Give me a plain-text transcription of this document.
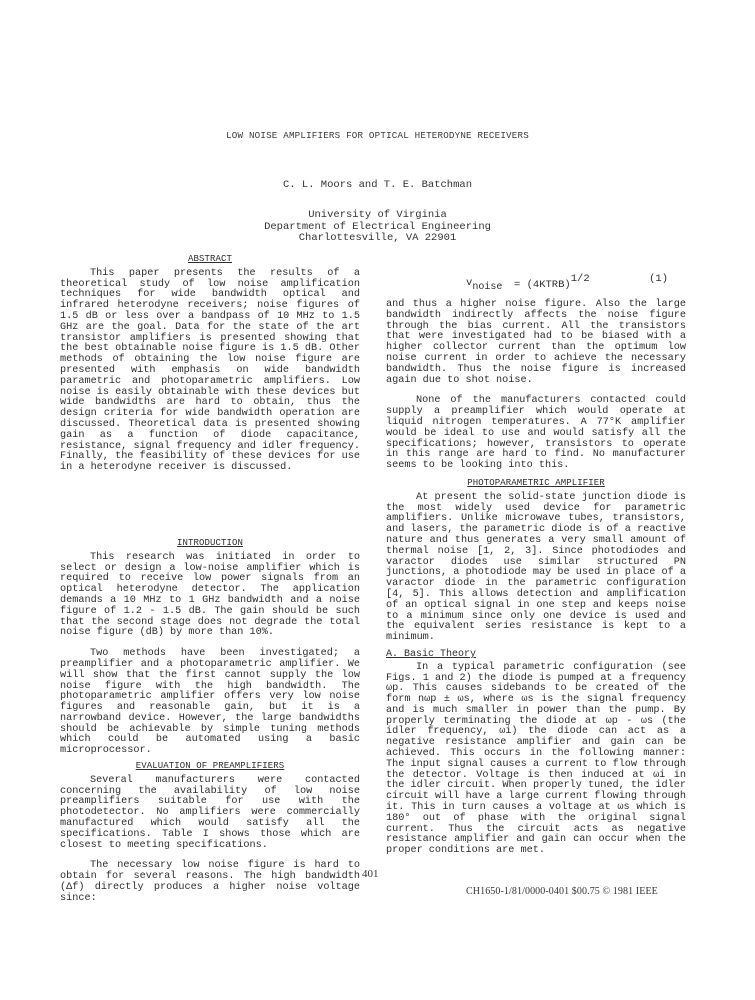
LOW NOISE AMPLIFIERS FOR OPTICAL HETERODYNE RECEIVERS
C. L. Moors and T. E. Batchman
University of Virginia
Department of Electrical Engineering
Charlottesville, VA 22901
ABSTRACT

This paper presents the results of a theoretical study of low noise amplification techniques for wide bandwidth optical and infrared heterodyne receivers; noise figures of 1.5 dB or less over a bandpass of 10 MHz to 1.5 GHz are the goal. Data for the state of the art transistor amplifiers is presented showing that the best obtainable noise figure is 1.5 dB. Other methods of obtaining the low noise figure are presented with emphasis on wide bandwidth parametric and photoparametric amplifiers. Low noise is easily obtainable with these devices but wide bandwidths are hard to obtain, thus the design criteria for wide bandwidth operation are discussed. Theoretical data is presented showing gain as a function of diode capacitance, resistance, signal frequency and idler frequency. Finally, the feasibility of these devices for use in a heterodyne receiver is discussed.

INTRODUCTION

This research was initiated in order to select or design a low-noise amplifier which is required to receive low power signals from an optical heterodyne detector. The application demands a 10 MHz to 1 GHz bandwidth and a noise figure of 1.2 - 1.5 dB. The gain should be such that the second stage does not degrade the total noise figure (dB) by more than 10%.

Two methods have been investigated; a preamplifier and a photoparametric amplifier. We will show that the first cannot supply the low noise figure with the high bandwidth. The photoparametric amplifier offers very low noise figures and reasonable gain, but it is a narrowband device. However, the large bandwidths should be achievable by simple tuning methods which could be automated using a basic microprocessor.

EVALUATION OF PREAMPLIFIERS

Several manufacturers were contacted concerning the availability of low noise preamplifiers suitable for use with the photodetector. No amplifiers were commercially manufactured which would satisfy all the specifications. Table I shows those which are closest to meeting specifications.

The necessary low noise figure is hard to obtain for several reasons. The high bandwidth (Δf) directly produces a higher noise voltage since:

$v_{noise}$ = (4KTRB)$^{1/2}$	(1)

and thus a higher noise figure. Also the large bandwidth indirectly affects the noise figure through the bias current. All the transistors that were investigated had to be biased with a higher collector current than the optimum low noise current in order to achieve the necessary bandwidth. Thus the noise figure is increased again due to shot noise.

None of the manufacturers contacted could supply a preamplifier which would operate at liquid nitrogen temperatures. A 77°K amplifier would be ideal to use and would satisfy all the specifications; however, transistors to operate in this range are hard to find. No manufacturer seems to be looking into this.

PHOTOPARAMETRIC AMPLIFIER

At present the solid-state junction diode is the most widely used device for parametric amplifiers. Unlike microwave tubes, transistors, and lasers, the parametric diode is of a reactive nature and thus generates a very small amount of thermal noise [1, 2, 3]. Since photodiodes and varactor diodes use similar structured PN junctions, a photodiode may be used in place of a varactor diode in the parametric configuration [4, 5]. This allows detection and amplification of an optical signal in one step and keeps noise to a minimum since only one device is used and the equivalent series resistance is kept to a minimum.

A. Basic Theory

In a typical parametric configuration (see Figs. 1 and 2) the diode is pumped at a frequency ωp. This causes sidebands to be created of the form nωp ± ωs, where ωs is the signal frequency and is much smaller in power than the pump. By properly terminating the diode at ωp - ωs (the idler frequency, ωi) the diode can act as a negative resistance amplifier and gain can be achieved. This occurs in the following manner: The input signal causes a current to flow through the detector. Voltage is then induced at ωi in the idler circuit. When properly tuned, the idler circuit will have a large current flowing through it. This in turn causes a voltage at ωs which is 180° out of phase with the original signal current. Thus the circuit acts as negative resistance amplifier and gain can occur when the proper conditions are met.

401
CH1650-1/81/0000-0401 $00.75 © 1981 IEEE
